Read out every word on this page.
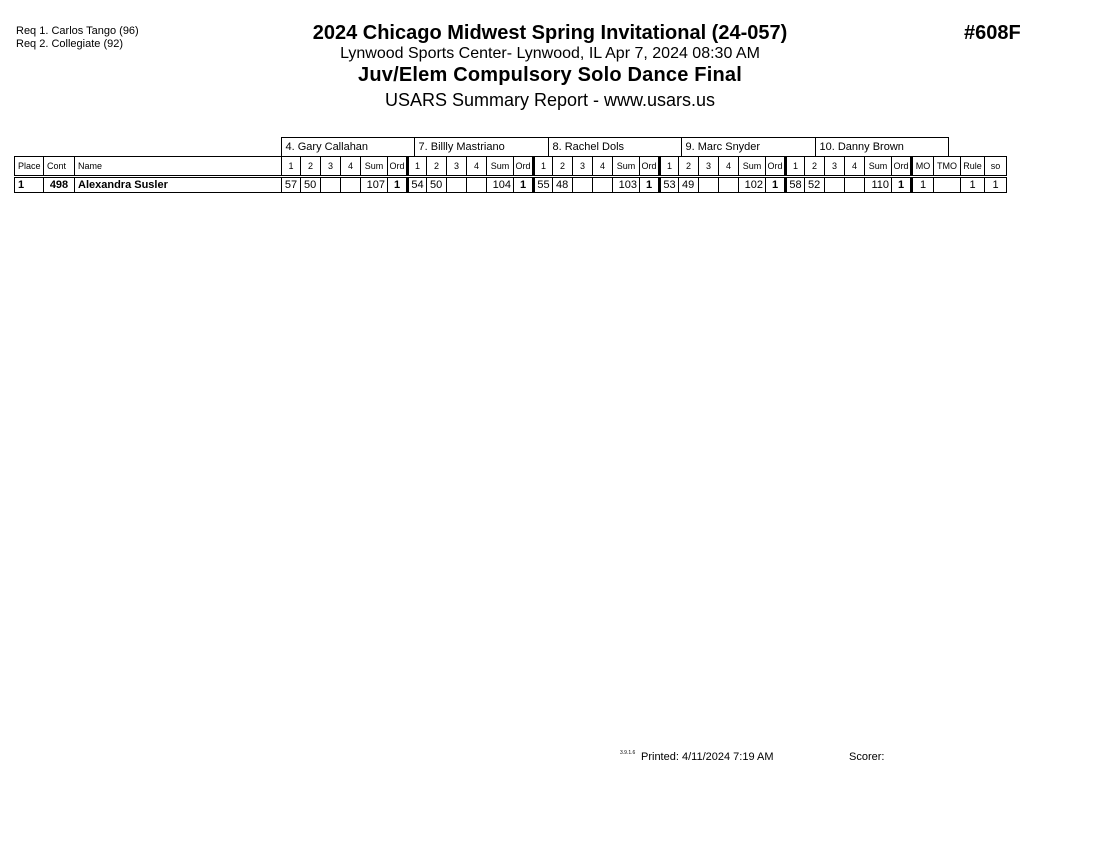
Req 1. Carlos Tango (96)
Req 2. Collegiate (92)	2024 Chicago Midwest Spring Invitational (24-057)
Lynwood Sports Center- Lynwood, IL Apr 7, 2024 08:30 AM
Juv/Elem Compulsory Solo Dance Final
USARS Summary Report - www.usars.us
#608F
	4. Gary Callahan	7. Billly Mastriano	8. Rachel Dols	9. Marc Snyder	10. Danny Brown
Place	Cont	Name	1	2	3	4	Sum	Ord	1	2	3	4	Sum	Ord	1	2	3	4	Sum	Ord	1	2	3	4	Sum	Ord	1	2	3	4	Sum	Ord	MO	TMO	Rule	so
1	498	Alexandra Susler	57	50			107	1	54	50			104	1	55	48			103	1	53	49			102	1	58	52			110	1	1		1	1
3.9.1.6 Printed: 4/11/2024 7:19 AM	Scorer:
